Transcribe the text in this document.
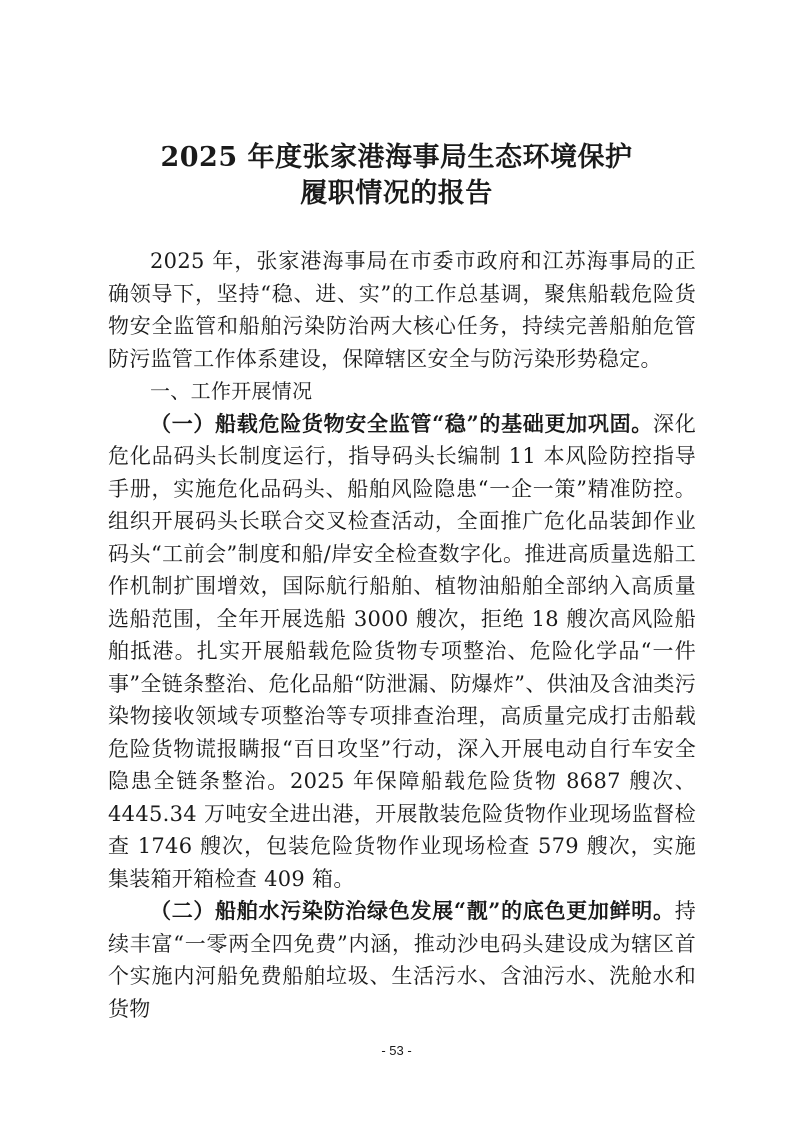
2025 年度张家港海事局生态环境保护
履职情况的报告

2025 年，张家港海事局在市委市政府和江苏海事局的正确领导下，坚持“稳、进、实”的工作总基调，聚焦船载危险货物安全监管和船舶污染防治两大核心任务，持续完善船舶危管防污监管工作体系建设，保障辖区安全与防污染形势稳定。

一、工作开展情况

（一）船载危险货物安全监管“稳”的基础更加巩固。深化危化品码头长制度运行，指导码头长编制 11 本风险防控指导手册，实施危化品码头、船舶风险隐患“一企一策”精准防控。组织开展码头长联合交叉检查活动，全面推广危化品装卸作业码头“工前会”制度和船/岸安全检查数字化。推进高质量选船工作机制扩围增效，国际航行船舶、植物油船舶全部纳入高质量选船范围，全年开展选船 3000 艘次，拒绝 18 艘次高风险船舶抵港。扎实开展船载危险货物专项整治、危险化学品“一件事”全链条整治、危化品船“防泄漏、防爆炸”、供油及含油类污染物接收领域专项整治等专项排查治理，高质量完成打击船载危险货物谎报瞒报“百日攻坚”行动，深入开展电动自行车安全隐患全链条整治。2025 年保障船载危险货物 8687 艘次、4445.34 万吨安全进出港，开展散装危险货物作业现场监督检查 1746 艘次，包装危险货物作业现场检查 579 艘次，实施集装箱开箱检查 409 箱。

（二）船舶水污染防治绿色发展“靓”的底色更加鲜明。持续丰富“一零两全四免费”内涵，推动沙电码头建设成为辖区首个实施内河船免费船舶垃圾、生活污水、含油污水、洗舱水和货物

- 53 -
